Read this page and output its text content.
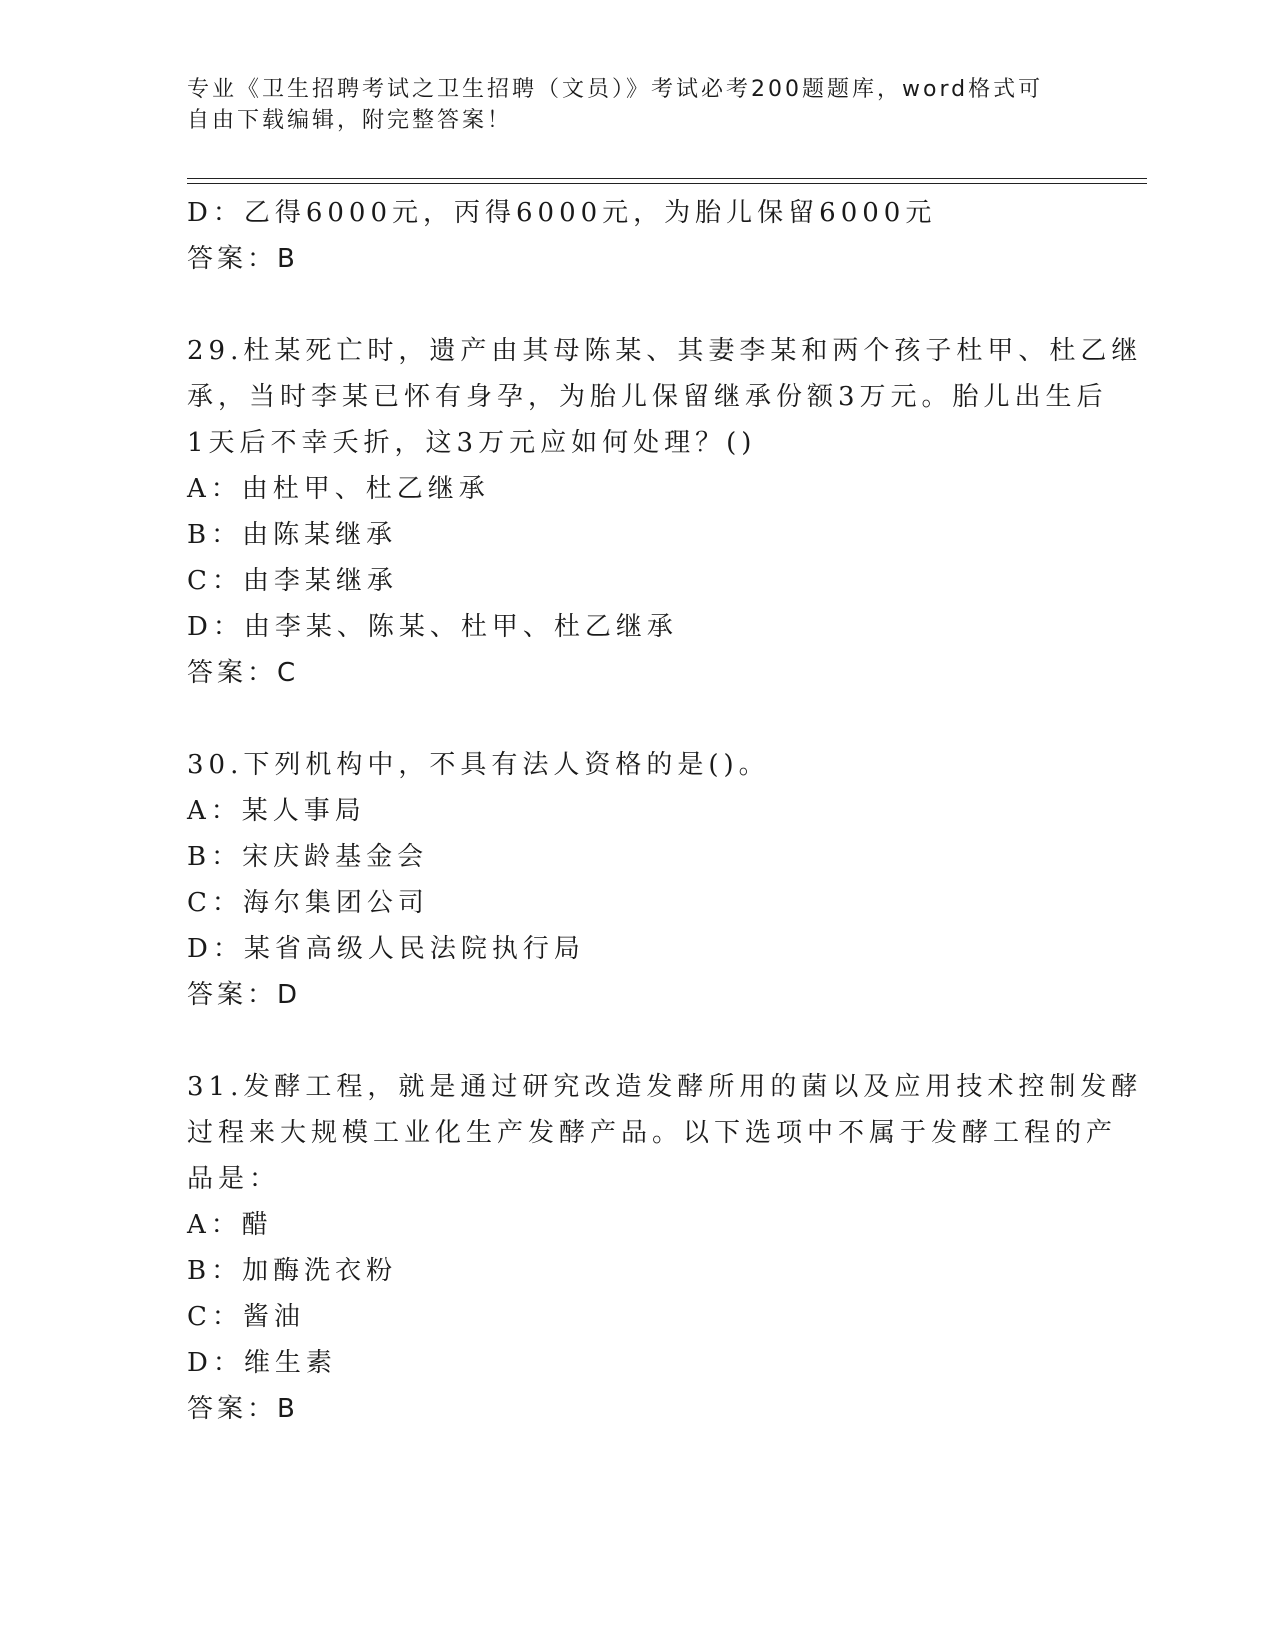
专业《卫生招聘考试之卫生招聘（文员）》考试必考200题题库，word格式可自由下载编辑，附完整答案！

D：乙得6000元，丙得6000元，为胎儿保留6000元

答案：B

29.杜某死亡时，遗产由其母陈某、其妻李某和两个孩子杜甲、杜乙继

承，当时李某已怀有身孕，为胎儿保留继承份额3万元。胎儿出生后

1天后不幸夭折，这3万元应如何处理？()

A：由杜甲、杜乙继承

B：由陈某继承

C：由李某继承

D：由李某、陈某、杜甲、杜乙继承

答案：C

30.下列机构中，不具有法人资格的是()。

A：某人事局

B：宋庆龄基金会

C：海尔集团公司

D：某省高级人民法院执行局

答案：D

31.发酵工程，就是通过研究改造发酵所用的菌以及应用技术控制发酵

过程来大规模工业化生产发酵产品。以下选项中不属于发酵工程的产

品是：

A：醋

B：加酶洗衣粉

C：酱油

D：维生素

答案：B
